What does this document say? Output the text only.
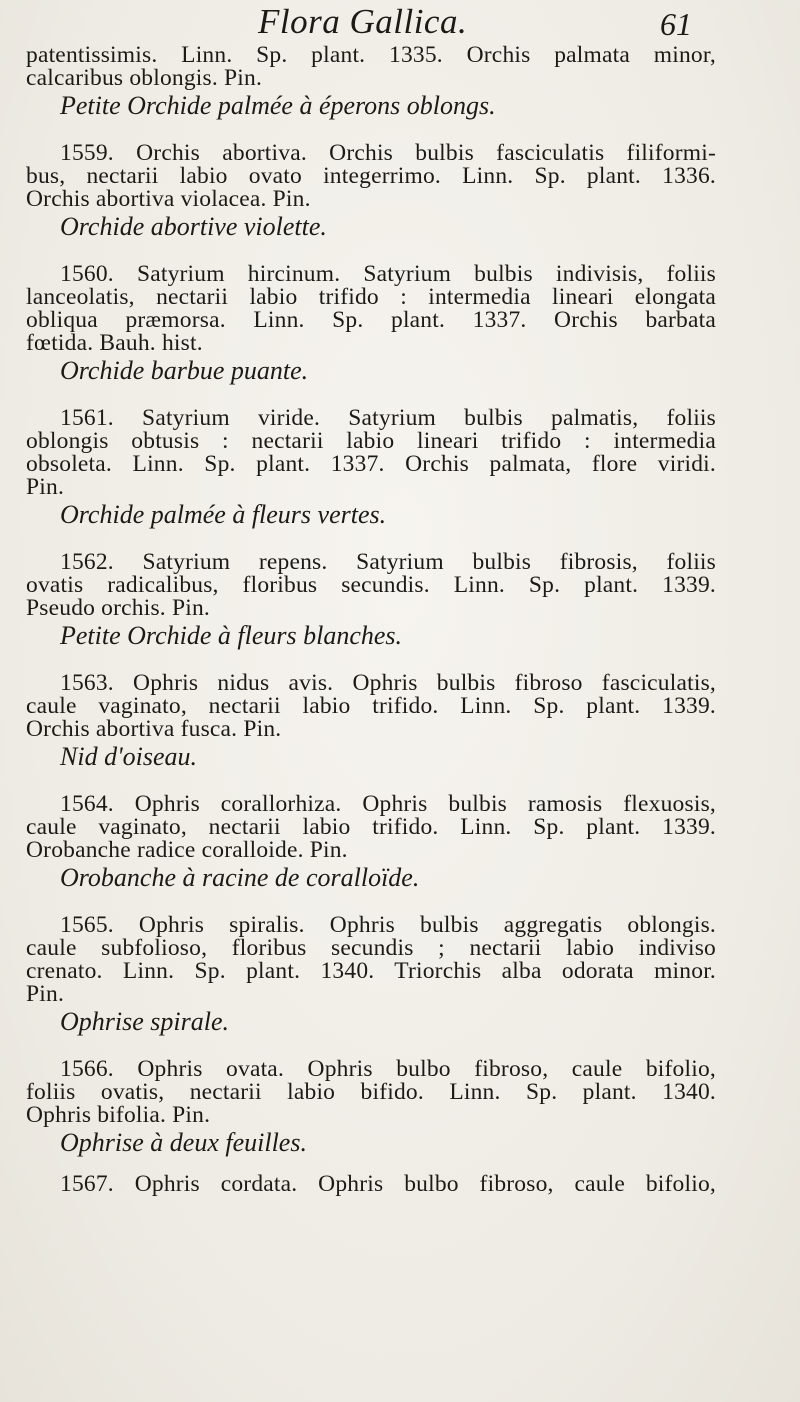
Flora Gallica.	61
patentissimis. Linn. Sp. plant. 1335. Orchis palmata minor,
calcaribus oblongis. Pin.
Petite Orchide palmée à éperons oblongs.
1559. Orchis abortiva. Orchis bulbis fasciculatis filiformi-
bus, nectarii labio ovato integerrimo. Linn. Sp. plant. 1336.
Orchis abortiva violacea. Pin.
Orchide abortive violette.
1560. Satyrium hircinum. Satyrium bulbis indivisis, foliis
lanceolatis, nectarii labio trifido : intermedia lineari elongata
obliqua præmorsa. Linn. Sp. plant. 1337. Orchis barbata
fœtida. Bauh. hist.
Orchide barbue puante.
1561. Satyrium viride. Satyrium bulbis palmatis, foliis
oblongis obtusis : nectarii labio lineari trifido : intermedia
obsoleta. Linn. Sp. plant. 1337. Orchis palmata, flore viridi.
Pin.
Orchide palmée à fleurs vertes.
1562. Satyrium repens. Satyrium bulbis fibrosis, foliis
ovatis radicalibus, floribus secundis. Linn. Sp. plant. 1339.
Pseudo orchis. Pin.
Petite Orchide à fleurs blanches.
1563. Ophris nidus avis. Ophris bulbis fibroso fasciculatis,
caule vaginato, nectarii labio trifido. Linn. Sp. plant. 1339.
Orchis abortiva fusca. Pin.
Nid d'oiseau.
1564. Ophris corallorhiza. Ophris bulbis ramosis flexuosis,
caule vaginato, nectarii labio trifido. Linn. Sp. plant. 1339.
Orobanche radice coralloide. Pin.
Orobanche à racine de coralloïde.
1565. Ophris spiralis. Ophris bulbis aggregatis oblongis.
caule subfolioso, floribus secundis ; nectarii labio indiviso
crenato. Linn. Sp. plant. 1340. Triorchis alba odorata minor.
Pin.
Ophrise spirale.
1566. Ophris ovata. Ophris bulbo fibroso, caule bifolio,
foliis ovatis, nectarii labio bifido. Linn. Sp. plant. 1340.
Ophris bifolia. Pin.
Ophrise à deux feuilles.
1567. Ophris cordata. Ophris bulbo fibroso, caule bifolio,
